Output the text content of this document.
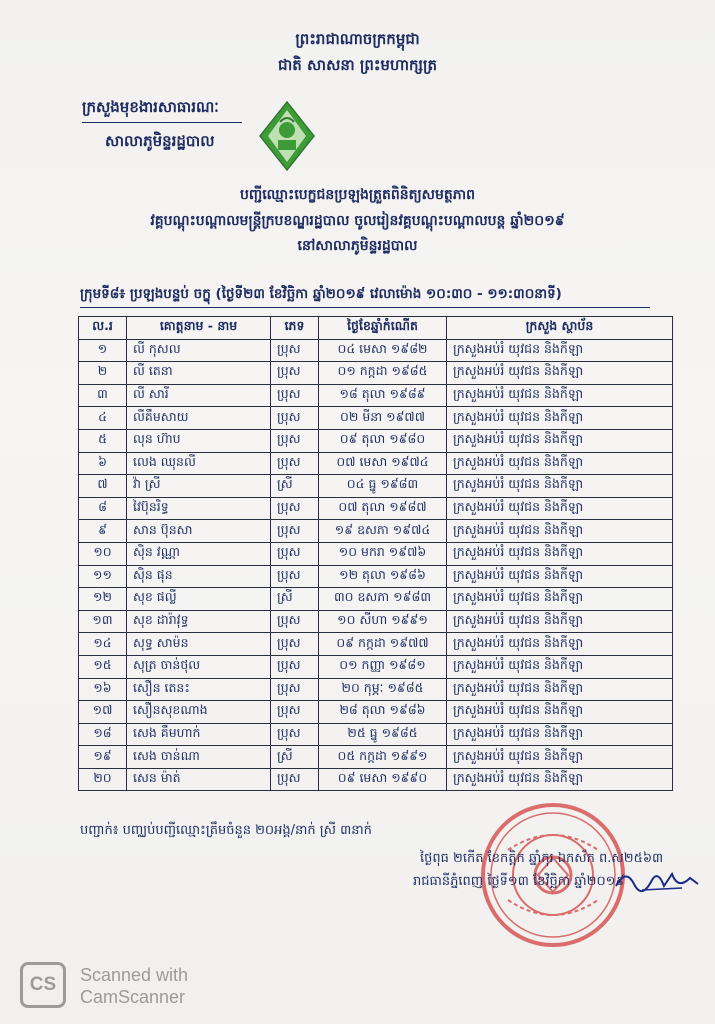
ព្រះរាជាណាចក្រកម្ពុជា
ជាតិ សាសនា ព្រះមហាក្សត្រ
ក្រសួងមុខងារសាធារណៈ
សាលាភូមិន្ទរដ្ឋបាល
បញ្ជីឈ្មោះបេក្ខជនប្រឡងត្រួតពិនិត្យសមត្ថភាព
វគ្គបណ្តុះបណ្តាលមន្ត្រីក្របខណ្ឌរដ្ឋបាល ចូលរៀនវគ្គបណ្តុះបណ្តាលបន្ត ឆ្នាំ២០១៩
នៅសាលាភូមិន្ទរដ្ឋបាល
ក្រុមទី៨៖ ប្រឡងបន្ទប់ ចក្ខុ (ថ្ងៃទី២៣ ខែវិច្ឆិកា ឆ្នាំ២០១៩ វេលាម៉ោង ១០:៣០ - ១១:៣០នាទី)
ល.រ	គោត្តនាម - នាម	ភេទ	ថ្ងៃខែឆ្នាំកំណើត	ក្រសួង ស្ថាប័ន
១	លី កុសល	ប្រុស	០៤ មេសា ១៩៨២	ក្រសួងអប់រំ យុវជន និងកីឡា
២	លី តេនា	ប្រុស	០១ កក្កដា ១៩៨៥	ក្រសួងអប់រំ យុវជន និងកីឡា
៣	លី សារី	ប្រុស	១៨ តុលា ១៩៨៩	ក្រសួងអប់រំ យុវជន និងកីឡា
៤	លីគឹមសាយ	ប្រុស	០២ មីនា ១៩៧៧	ក្រសួងអប់រំ យុវជន និងកីឡា
៥	លុន ហ៊ាប	ប្រុស	០៩ តុលា ១៩៨០	ក្រសួងអប់រំ យុវជន និងកីឡា
៦	លេង ឈុនលី	ប្រុស	០៧ មេសា ១៩៧៤	ក្រសួងអប់រំ យុវជន និងកីឡា
៧	វ៉ា ស្រី	ស្រី	០៤ ធ្នូ ១៩៨៣	ក្រសួងអប់រំ យុវជន និងកីឡា
៨	វៃប៊ុនរិទ្ធ	ប្រុស	០៧ តុលា ១៩៨៧	ក្រសួងអប់រំ យុវជន និងកីឡា
៩	សាន ប៊ុនសា	ប្រុស	១៩ ឧសភា ១៩៧៤	ក្រសួងអប់រំ យុវជន និងកីឡា
១០	ស៊ិន វណ្ណា	ប្រុស	១០ មករា ១៩៧៦	ក្រសួងអប់រំ យុវជន និងកីឡា
១១	ស៊ិន ផុន	ប្រុស	១២ តុលា ១៩៨៦	ក្រសួងអប់រំ យុវជន និងកីឡា
១២	សុខ ផល្លី	ស្រី	៣០ ឧសភា ១៩៨៣	ក្រសួងអប់រំ យុវជន និងកីឡា
១៣	សុខ ដារ៉ាវុទ្ធ	ប្រុស	១០ សីហា ១៩៩១	ក្រសួងអប់រំ យុវជន និងកីឡា
១៤	សុទ្ធ សាម៉ន	ប្រុស	០៩ កក្កដា ១៩៧៧	ក្រសួងអប់រំ យុវជន និងកីឡា
១៥	សុត្រ ចាន់ថុល	ប្រុស	០១ កញ្ញា ១៩៨១	ក្រសួងអប់រំ យុវជន និងកីឡា
១៦	សឿន តេនះ	ប្រុស	២០ កុម្ភៈ ១៩៨៥	ក្រសួងអប់រំ យុវជន និងកីឡា
១៧	សឿនសុខណាង	ប្រុស	២៨ តុលា ១៩៨៦	ក្រសួងអប់រំ យុវជន និងកីឡា
១៨	សេង គឹមហាក់	ប្រុស	២៥ ធ្នូ ១៩៨៥	ក្រសួងអប់រំ យុវជន និងកីឡា
១៩	សេង ចាន់ណា	ស្រី	០៥ កក្កដា ១៩៩១	ក្រសួងអប់រំ យុវជន និងកីឡា
២០	សេន ម៉ាត់	ប្រុស	០៩ មេសា ១៩៩០	ក្រសួងអប់រំ យុវជន និងកីឡា
បញ្ជាក់៖ បញ្ឈប់បញ្ជីឈ្មោះត្រឹមចំនួន ២០អង្គ/នាក់ ស្រី ៣នាក់
ថ្ងៃពុធ ២កើត ខែកត្តិក ឆ្នាំកុរ ឯកស័ក ព.ស២៥៦៣
រាជធានីភ្នំពេញ ថ្ងៃទី១៣ ខែវិច្ឆិកា ឆ្នាំ២០១៩
CS	Scanned with
CamScanner
